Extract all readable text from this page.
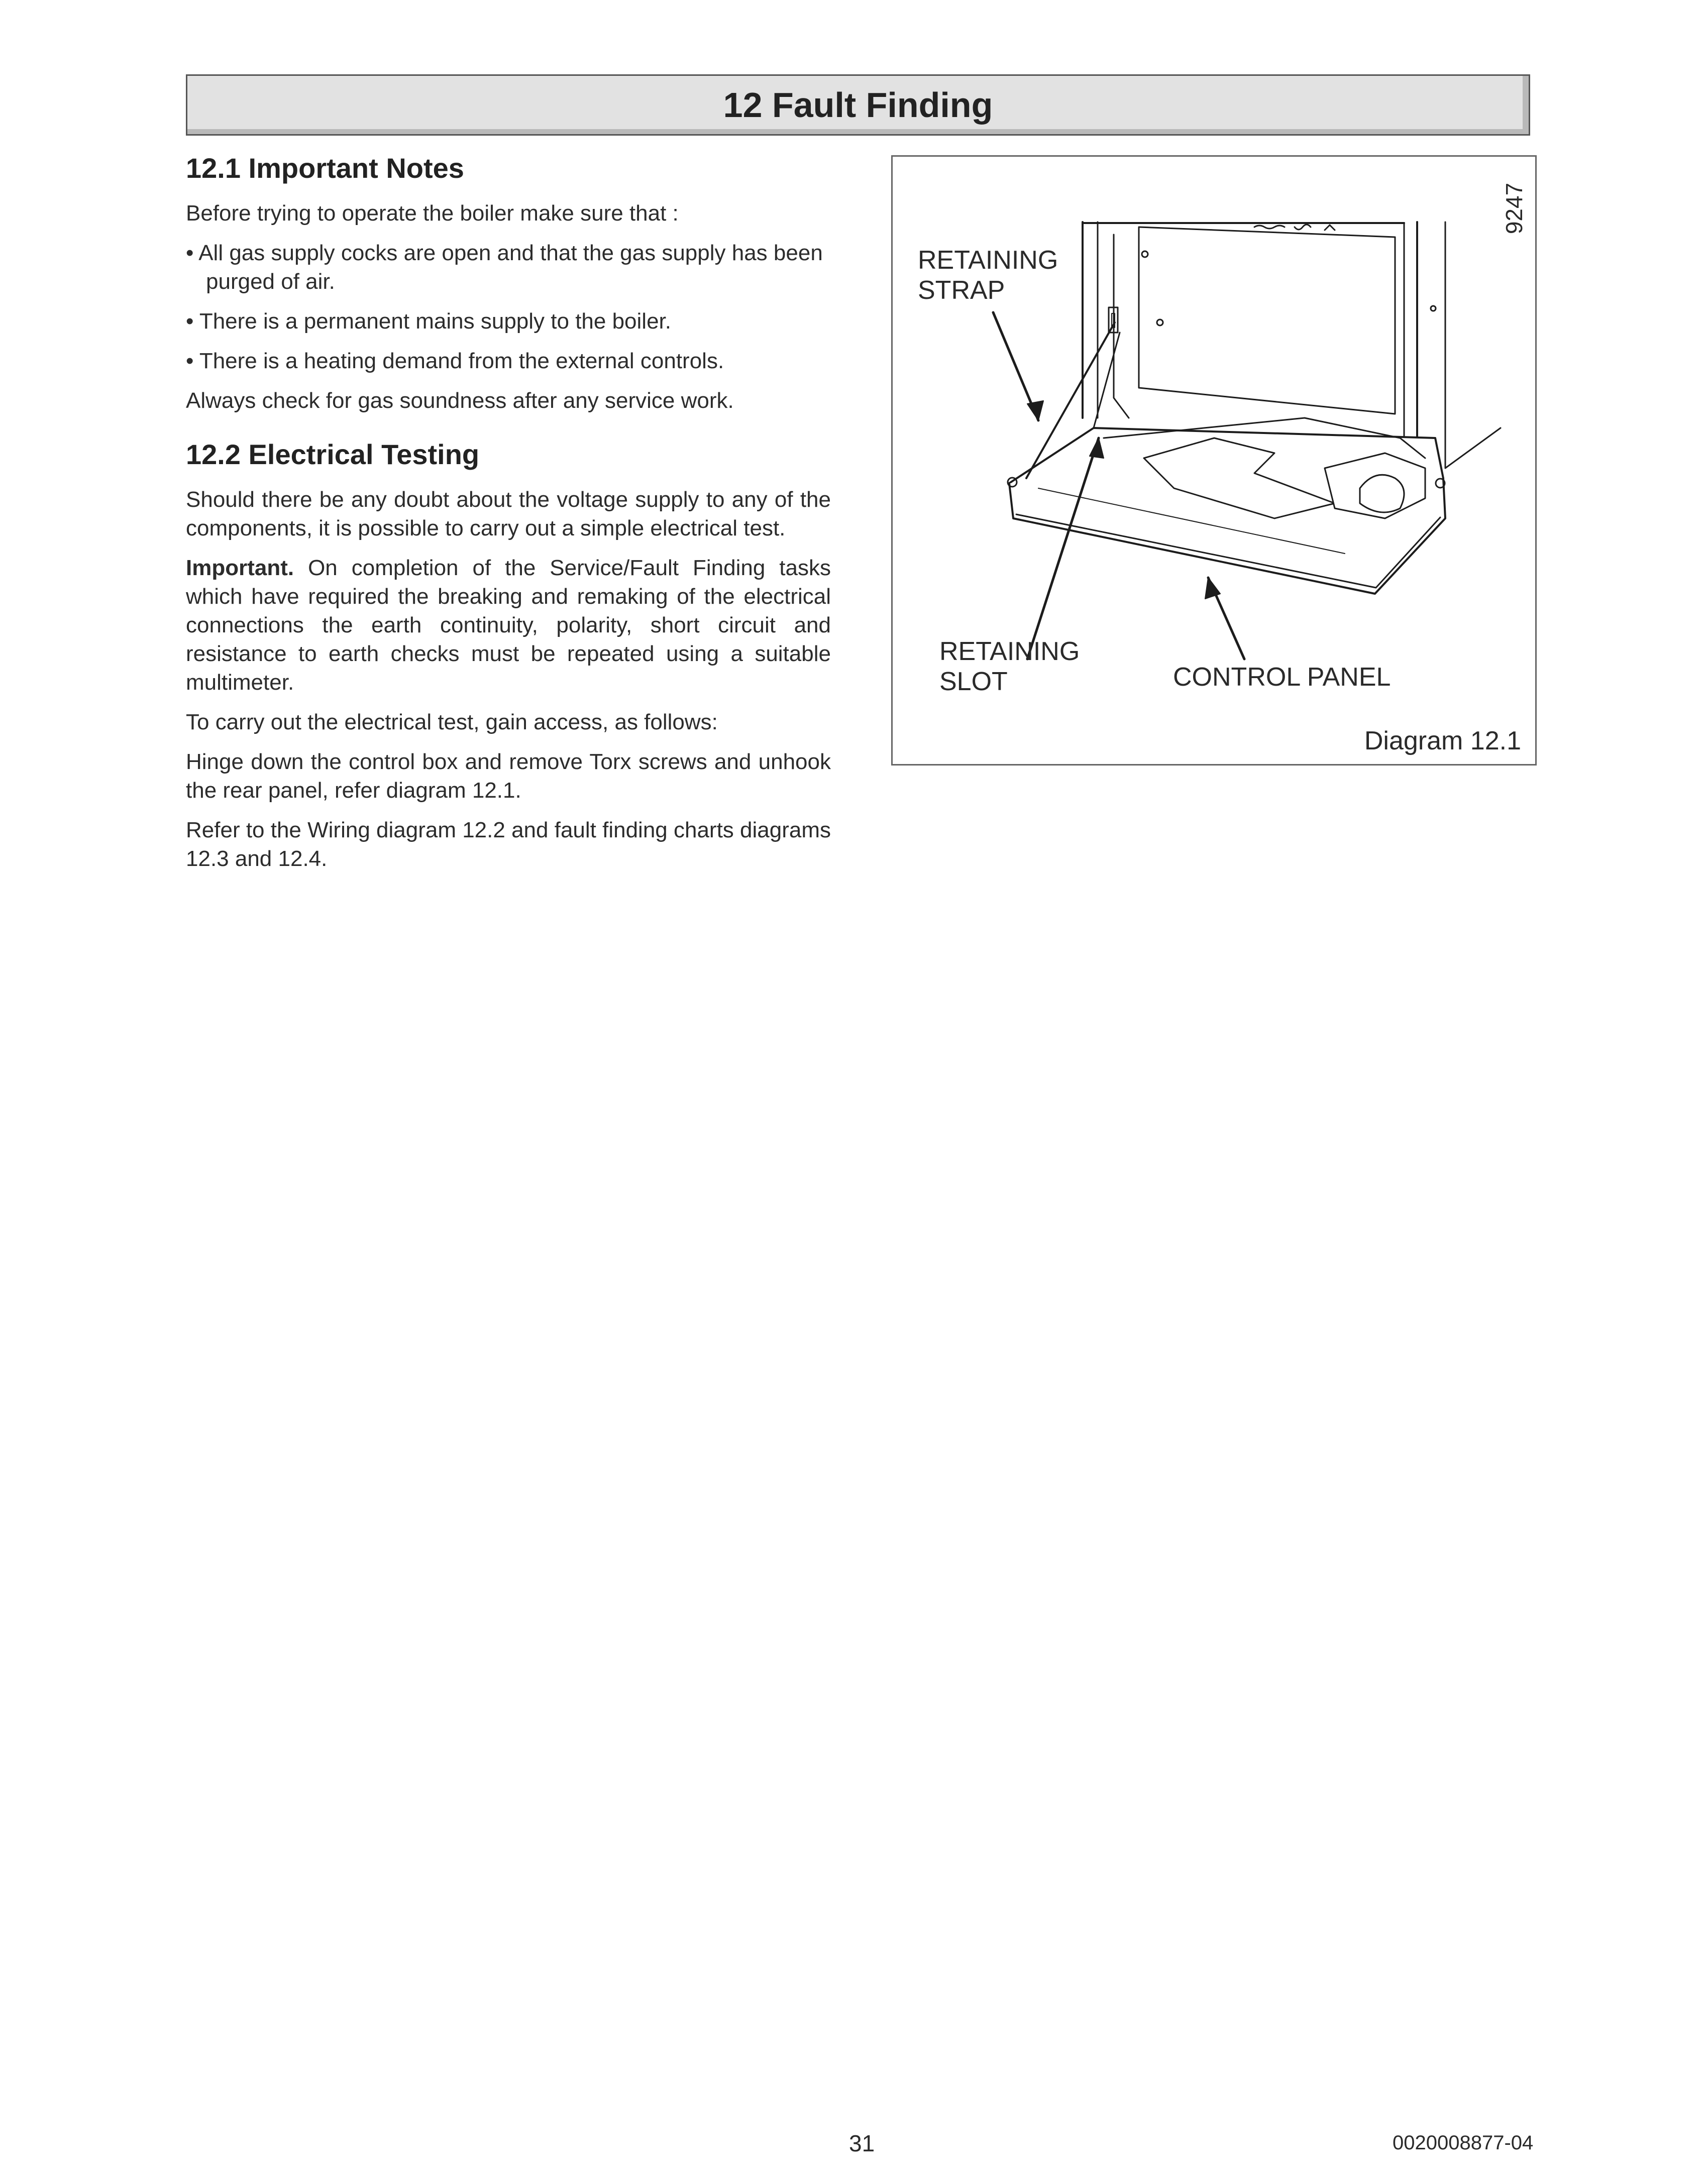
12 Fault Finding
12.1 Important Notes

Before trying to operate the boiler make sure that :

• All gas supply cocks are open and that the gas supply has been purged of air.

• There is a permanent mains supply to the boiler.

• There is a heating demand from the external controls.

Always check for gas soundness after any service work.

12.2 Electrical Testing

Should there be any doubt about the voltage supply to any of the components, it is possible to carry out a simple electrical test.

Important. On completion of the Service/Fault Finding tasks which have required the breaking and remaking of the electrical connections the earth continuity, polarity, short circuit and resistance to earth checks must be repeated using a suitable multimeter.

To carry out the electrical test, gain access, as follows:

Hinge down the control box and remove Torx screws and unhook the rear panel, refer diagram 12.1.

Refer to the Wiring diagram 12.2 and fault finding charts diagrams 12.3 and 12.4.

9247
RETAINING
STRAP
RETAINING
SLOT	CONTROL PANEL
Diagram 12.1
31	0020008877-04
